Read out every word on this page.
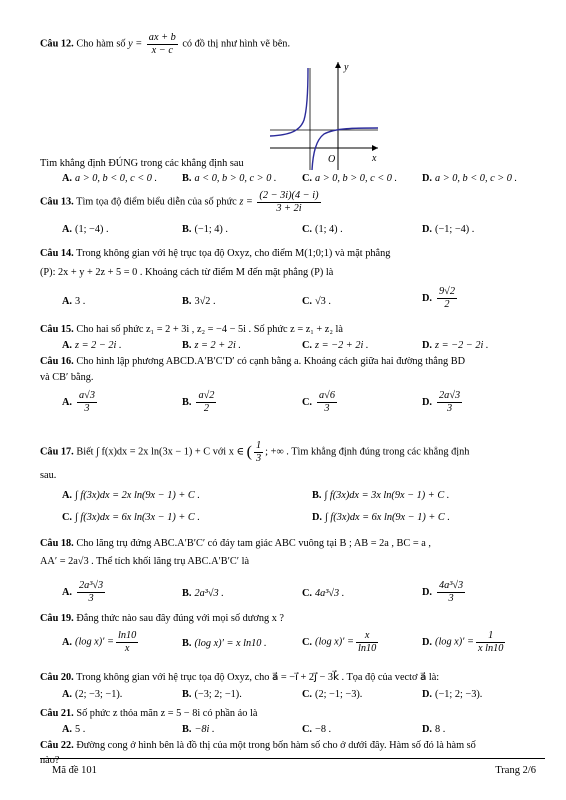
Câu 12. Cho hàm số $y = \frac{ax + b}{x - c}$ có đồ thị như hình vẽ bên.
y
x
O
Tìm khẳng định ĐÚNG trong các khẳng định sau
A. a > 0, b < 0, c < 0 . B. a < 0, b > 0, c > 0 . C. a > 0, b > 0, c < 0 . D. a > 0, b < 0, c > 0 .
Câu 13. Tìm tọa độ điểm biểu diễn của số phức $z = \frac{(2 - 3i)(4 - i)}{3 + 2i}$
A. (1; −4) .	B. (−1; 4) .	C. (1; 4) .	D. (−1; −4) .
Câu 14. Trong không gian với hệ trục tọa độ Oxyz, cho điểm M(1;0;1) và mặt phẳng
(P): 2x + y + 2z + 5 = 0 . Khoảng cách từ điểm M đến mặt phẳng (P) là
A. 3 .	B. 3√2 .	C. √3 .	D. $\frac{9√2}{2}$
Câu 15. Cho hai số phức z₁ = 2 + 3i , z₂ = −4 − 5i . Số phức z = z₁ + z₂ là
A. z = 2 − 2i .	B. z = 2 + 2i .	C. z = −2 + 2i .	D. z = −2 − 2i .
Câu 16. Cho hình lập phương ABCD.A′B′C′D′ có cạnh bằng a. Khoảng cách giữa hai đường thẳng BD
và CB′ bằng.
A. $\frac{a√3}{3}$	B. $\frac{a√2}{2}$	C. $\frac{a√6}{3}$	D. $\frac{2a√3}{3}$
Câu 17. Biết ∫ f(x)dx = 2x ln(3x − 1) + C với x ∈ ( $\frac{1}{3}$ ; +∞ . Tìm khẳng định đúng trong các khẳng định
sau.
A. ∫ f(3x)dx = 2x ln(9x − 1) + C .	B. ∫ f(3x)dx = 3x ln(9x − 1) + C .
C. ∫ f(3x)dx = 6x ln(3x − 1) + C .	D. ∫ f(3x)dx = 6x ln(9x − 1) + C .
Câu 18. Cho lăng trụ đứng ABC.A′B′C′ có đáy tam giác ABC vuông tại B ; AB = 2a , BC = a ,
AA′ = 2a√3 . Thể tích khối lăng trụ ABC.A′B′C′ là
A. $\frac{\text{2a³√3}}{3}$	B. 2a³√3 .	C. 4a³√3 .	D. $\frac{\text{4a³√3}}{3}$
Câu 19. Đẳng thức nào sau đây đúng với mọi số dương x ?
A. (log $x)' = \frac{\ln 10}{x}$	B. (log x)′ = x ln10 .	C. (log $x)' = \frac{x}{\ln 10}$	D. (log $x)' = \frac{1}{\text{x ln10}}$
Câu 20. Trong không gian với hệ trục tọa độ Oxyz, cho a⃗ = −i⃗ + 2j⃗ − 3k⃗ . Tọa độ của vectơ a⃗ là:
A. (2; −3; −1).	B. (−3; 2; −1).	C. (2; −1; −3).	D. (−1; 2; −3).
Câu 21. Số phức z thỏa mãn z = 5 − 8i có phần ảo là
A. 5 .	B. −8i .	C. −8 .	D. 8 .
Câu 22. Đường cong ở hình bên là đồ thị của một trong bốn hàm số cho ở dưới đây. Hàm số đó là hàm số
nào?
Mã đề 101	Trang 2/6
